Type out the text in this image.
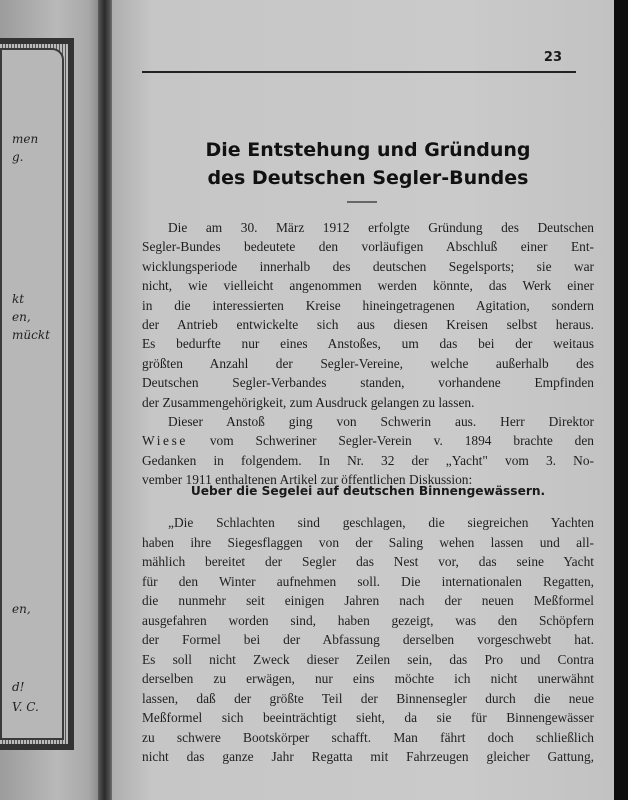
men
g.
kt
en,
mückt
en,
d!
V. C.
23
Die Entstehung und Gründung
des Deutschen Segler-Bundes
Die am 30. März 1912 erfolgte Gründung des Deutschen
Segler-Bundes bedeutete den vorläufigen Abschluß einer Ent-
wicklungsperiode innerhalb des deutschen Segelsports; sie war
nicht, wie vielleicht angenommen werden könnte, das Werk einer
in die interessierten Kreise hineingetragenen Agitation, sondern
der Antrieb entwickelte sich aus diesen Kreisen selbst heraus.
Es bedurfte nur eines Anstoßes, um das bei der weitaus
größten Anzahl der Segler-Vereine, welche außerhalb des
Deutschen Segler-Verbandes standen, vorhandene Empfinden
der Zusammengehörigkeit, zum Ausdruck gelangen zu lassen.
Dieser Anstoß ging von Schwerin aus. Herr Direktor
Wiese vom Schweriner Segler-Verein v. 1894 brachte den
Gedanken in folgendem. In Nr. 32 der „Yacht" vom 3. No-
vember 1911 enthaltenen Artikel zur öffentlichen Diskussion:
Ueber die Segelei auf deutschen Binnengewässern.
„Die Schlachten sind geschlagen, die siegreichen Yachten
haben ihre Siegesflaggen von der Saling wehen lassen und all-
mählich bereitet der Segler das Nest vor, das seine Yacht
für den Winter aufnehmen soll. Die internationalen Regatten,
die nunmehr seit einigen Jahren nach der neuen Meßformel
ausgefahren worden sind, haben gezeigt, was den Schöpfern
der Formel bei der Abfassung derselben vorgeschwebt hat.
Es soll nicht Zweck dieser Zeilen sein, das Pro und Contra
derselben zu erwägen, nur eins möchte ich nicht unerwähnt
lassen, daß der größte Teil der Binnensegler durch die neue
Meßformel sich beeinträchtigt sieht, da sie für Binnengewässer
zu schwere Bootskörper schafft. Man fährt doch schließlich
nicht das ganze Jahr Regatta mit Fahrzeugen gleicher Gattung,
